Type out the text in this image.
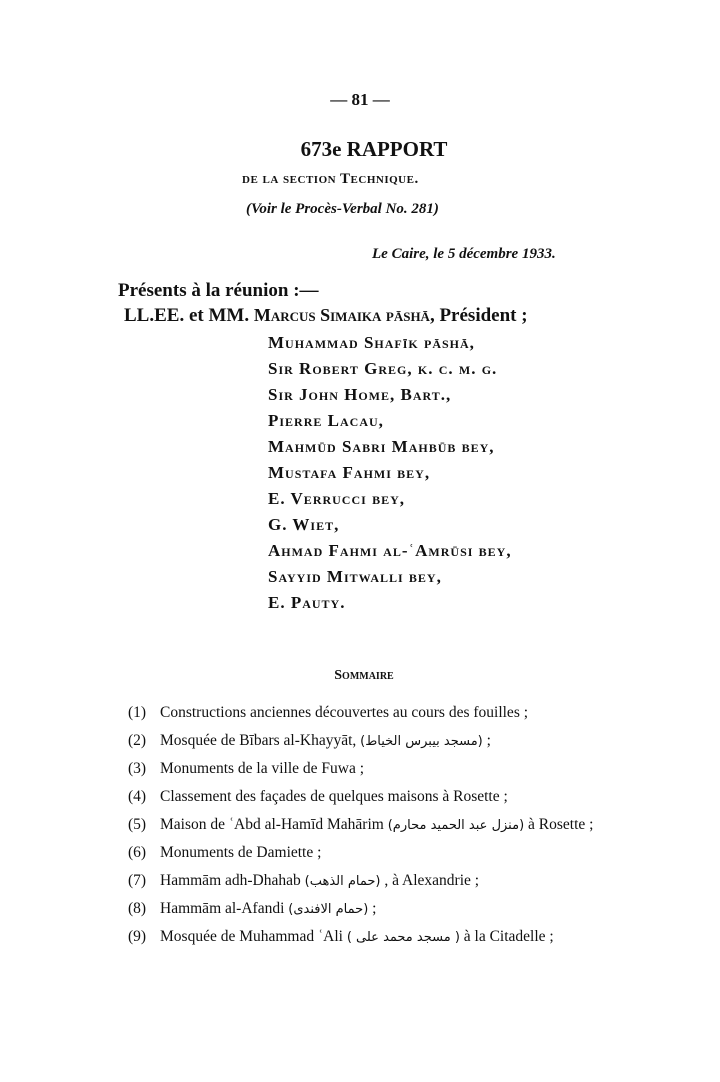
— 81 —
673e RAPPORT
de la section Technique.
(Voir le Procès-Verbal No. 281)
Le Caire, le 5 décembre 1933.
Présents à la réunion :—
LL.EE. et MM. Marcus Simaika pāshā, Président ;
Muhammad Shafīk pāshā,
Sir Robert Greg, k. c. m. g.
Sir John Home, Bart.,
Pierre Lacau,
Mahmūd Sabri Mahbūb bey,
Mustafa Fahmi bey,
E. Verrucci bey,
G. Wiet,
Ahmad Fahmi al-ʿAmrūsi bey,
Sayyid Mitwalli bey,
E. Pauty.
Sommaire
(1) Constructions anciennes découvertes au cours des fouilles ;
(2) Mosquée de Bībars al-Khayyāt, (مسجد بيبرس الخياط) ;
(3) Monuments de la ville de Fuwa ;
(4) Classement des façades de quelques maisons à Rosette ;
(5) Maison de ʿAbd al-Hamīd Mahārim (منزل عبد الحميد محارم) à Rosette ;
(6) Monuments de Damiette ;
(7) Hammām adh-Dhahab (حمام الذهب) , à Alexandrie ;
(8) Hammām al-Afandi (حمام الافندى) ;
(9) Mosquée de Muhammad ʿAli ( مسجد محمد على ) à la Citadelle ;
